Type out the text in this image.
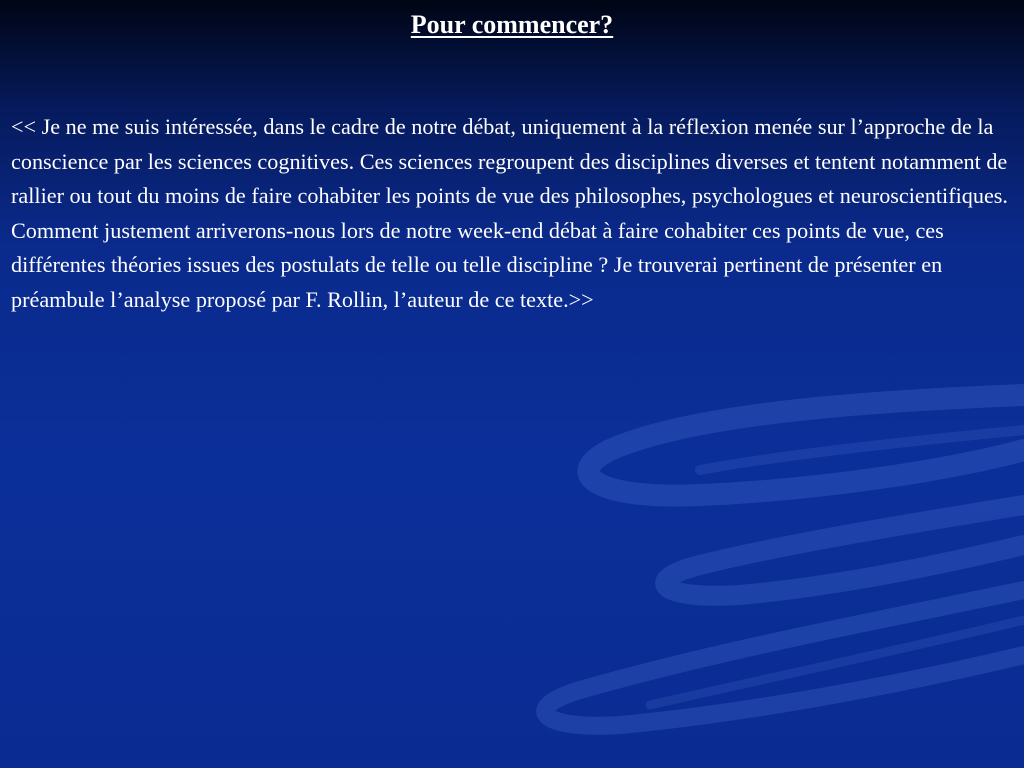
Pour commencer?

<< Je ne me suis intéressée, dans le cadre de notre débat, uniquement à la réflexion menée sur l’approche de la conscience par les sciences cognitives. Ces sciences regroupent des disciplines diverses et tentent notamment de rallier ou tout du moins de faire cohabiter les points de vue des philosophes, psychologues et neuroscientifiques.

Comment justement arriverons-nous lors de notre week-end débat à faire cohabiter ces points de vue, ces différentes théories issues des postulats de telle ou telle discipline ? Je trouverai pertinent de présenter en préambule l’analyse proposé par F. Rollin, l’auteur de ce texte.>>
